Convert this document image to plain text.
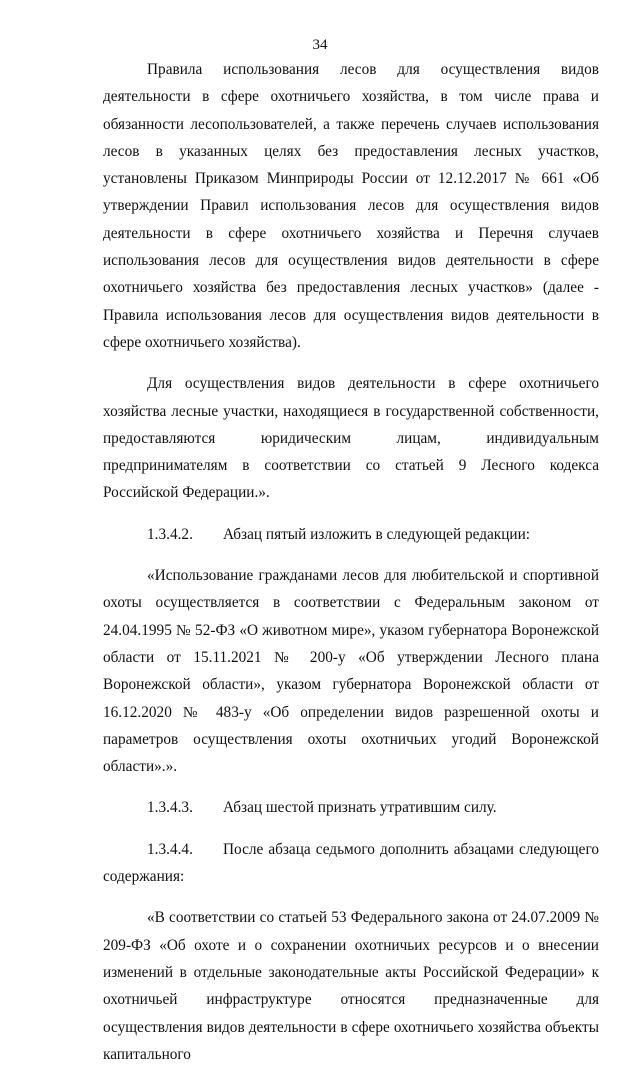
34

Правила использования лесов для осуществления видов деятельности в сфере охотничьего хозяйства, в том числе права и обязанности лесопользователей, а также перечень случаев использования лесов в указанных целях без предоставления лесных участков, установлены Приказом Минприроды России от 12.12.2017 № 661 «Об утверждении Правил использования лесов для осуществления видов деятельности в сфере охотничьего хозяйства и Перечня случаев использования лесов для осуществления видов деятельности в сфере охотничьего хозяйства без предоставления лесных участков» (далее - Правила использования лесов для осуществления видов деятельности в сфере охотничьего хозяйства).

Для осуществления видов деятельности в сфере охотничьего хозяйства лесные участки, находящиеся в государственной собственности, предоставляются юридическим лицам, индивидуальным предпринимателям в соответствии со статьей 9 Лесного кодекса Российской Федерации.».

1.3.4.2. Абзац пятый изложить в следующей редакции:

«Использование гражданами лесов для любительской и спортивной охоты осуществляется в соответствии с Федеральным законом от 24.04.1995 № 52-ФЗ «О животном мире», указом губернатора Воронежской области от 15.11.2021 № 200-у «Об утверждении Лесного плана Воронежской области», указом губернатора Воронежской области от 16.12.2020 № 483-у «Об определении видов разрешенной охоты и параметров осуществления охоты охотничьих угодий Воронежской области».».

1.3.4.3. Абзац шестой признать утратившим силу.

1.3.4.4. После абзаца седьмого дополнить абзацами следующего содержания:

«В соответствии со статьей 53 Федерального закона от 24.07.2009 № 209-ФЗ «Об охоте и о сохранении охотничьих ресурсов и о внесении изменений в отдельные законодательные акты Российской Федерации» к охотничьей инфраструктуре относятся предназначенные для осуществления видов деятельности в сфере охотничьего хозяйства объекты капитального
